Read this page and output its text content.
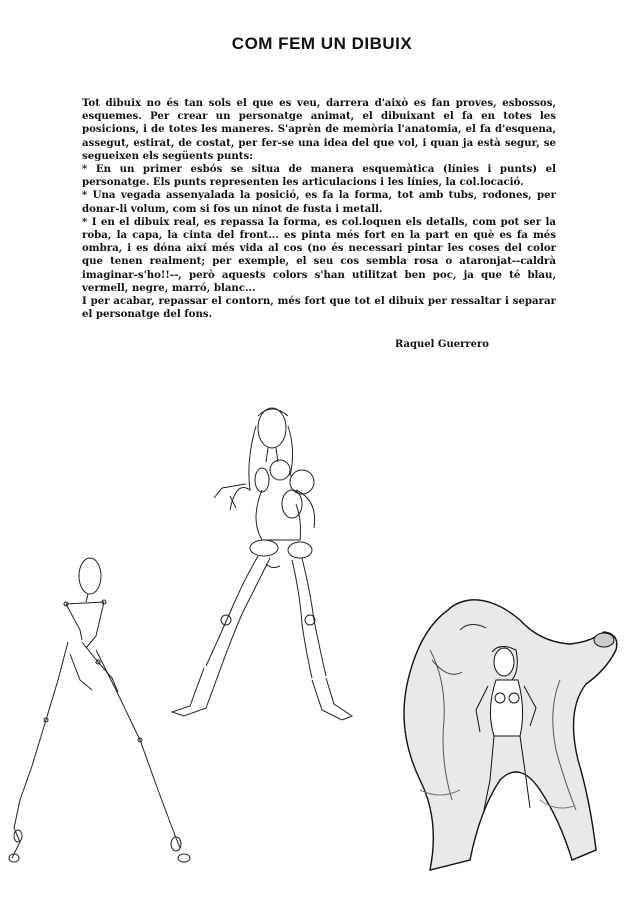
COM FEM UN DIBUIX

Tot dibuix no és tan sols el que es veu, darrera d'això es fan proves, esbossos, esquemes. Per crear un personatge animat, el dibuixant el fa en totes les posicions, i de totes les maneres. S'aprèn de memòria l'anatomia, el fa d'esquena, assegut, estirat, de costat, per fer-se una idea del que vol, i quan ja està segur, se segueixen els següents punts:

* En un primer esbós se situa de manera esquemàtica (línies i punts) el personatge. Els punts representen les articulacions i les línies, la col.locació.

* Una vegada assenyalada la posició, es fa la forma, tot amb tubs, rodones, per donar-li volum, com si fos un ninot de fusta i metall.

* I en el dibuix real, es repassa la forma, es col.loquen els detalls, com pot ser la roba, la capa, la cinta del front... es pinta més fort en la part en què es fa més ombra, i es dóna així més vida al cos (no és necessari pintar les coses del color que tenen realment; per exemple, el seu cos sembla rosa o ataronjat--caldrà imaginar-s'ho!!--, però aquests colors s'han utilitzat ben poc, ja que té blau, vermell, negre, marró, blanc...

I per acabar, repassar el contorn, més fort que tot el dibuix per ressaltar i separar el personatge del fons.

Raquel Guerrero
